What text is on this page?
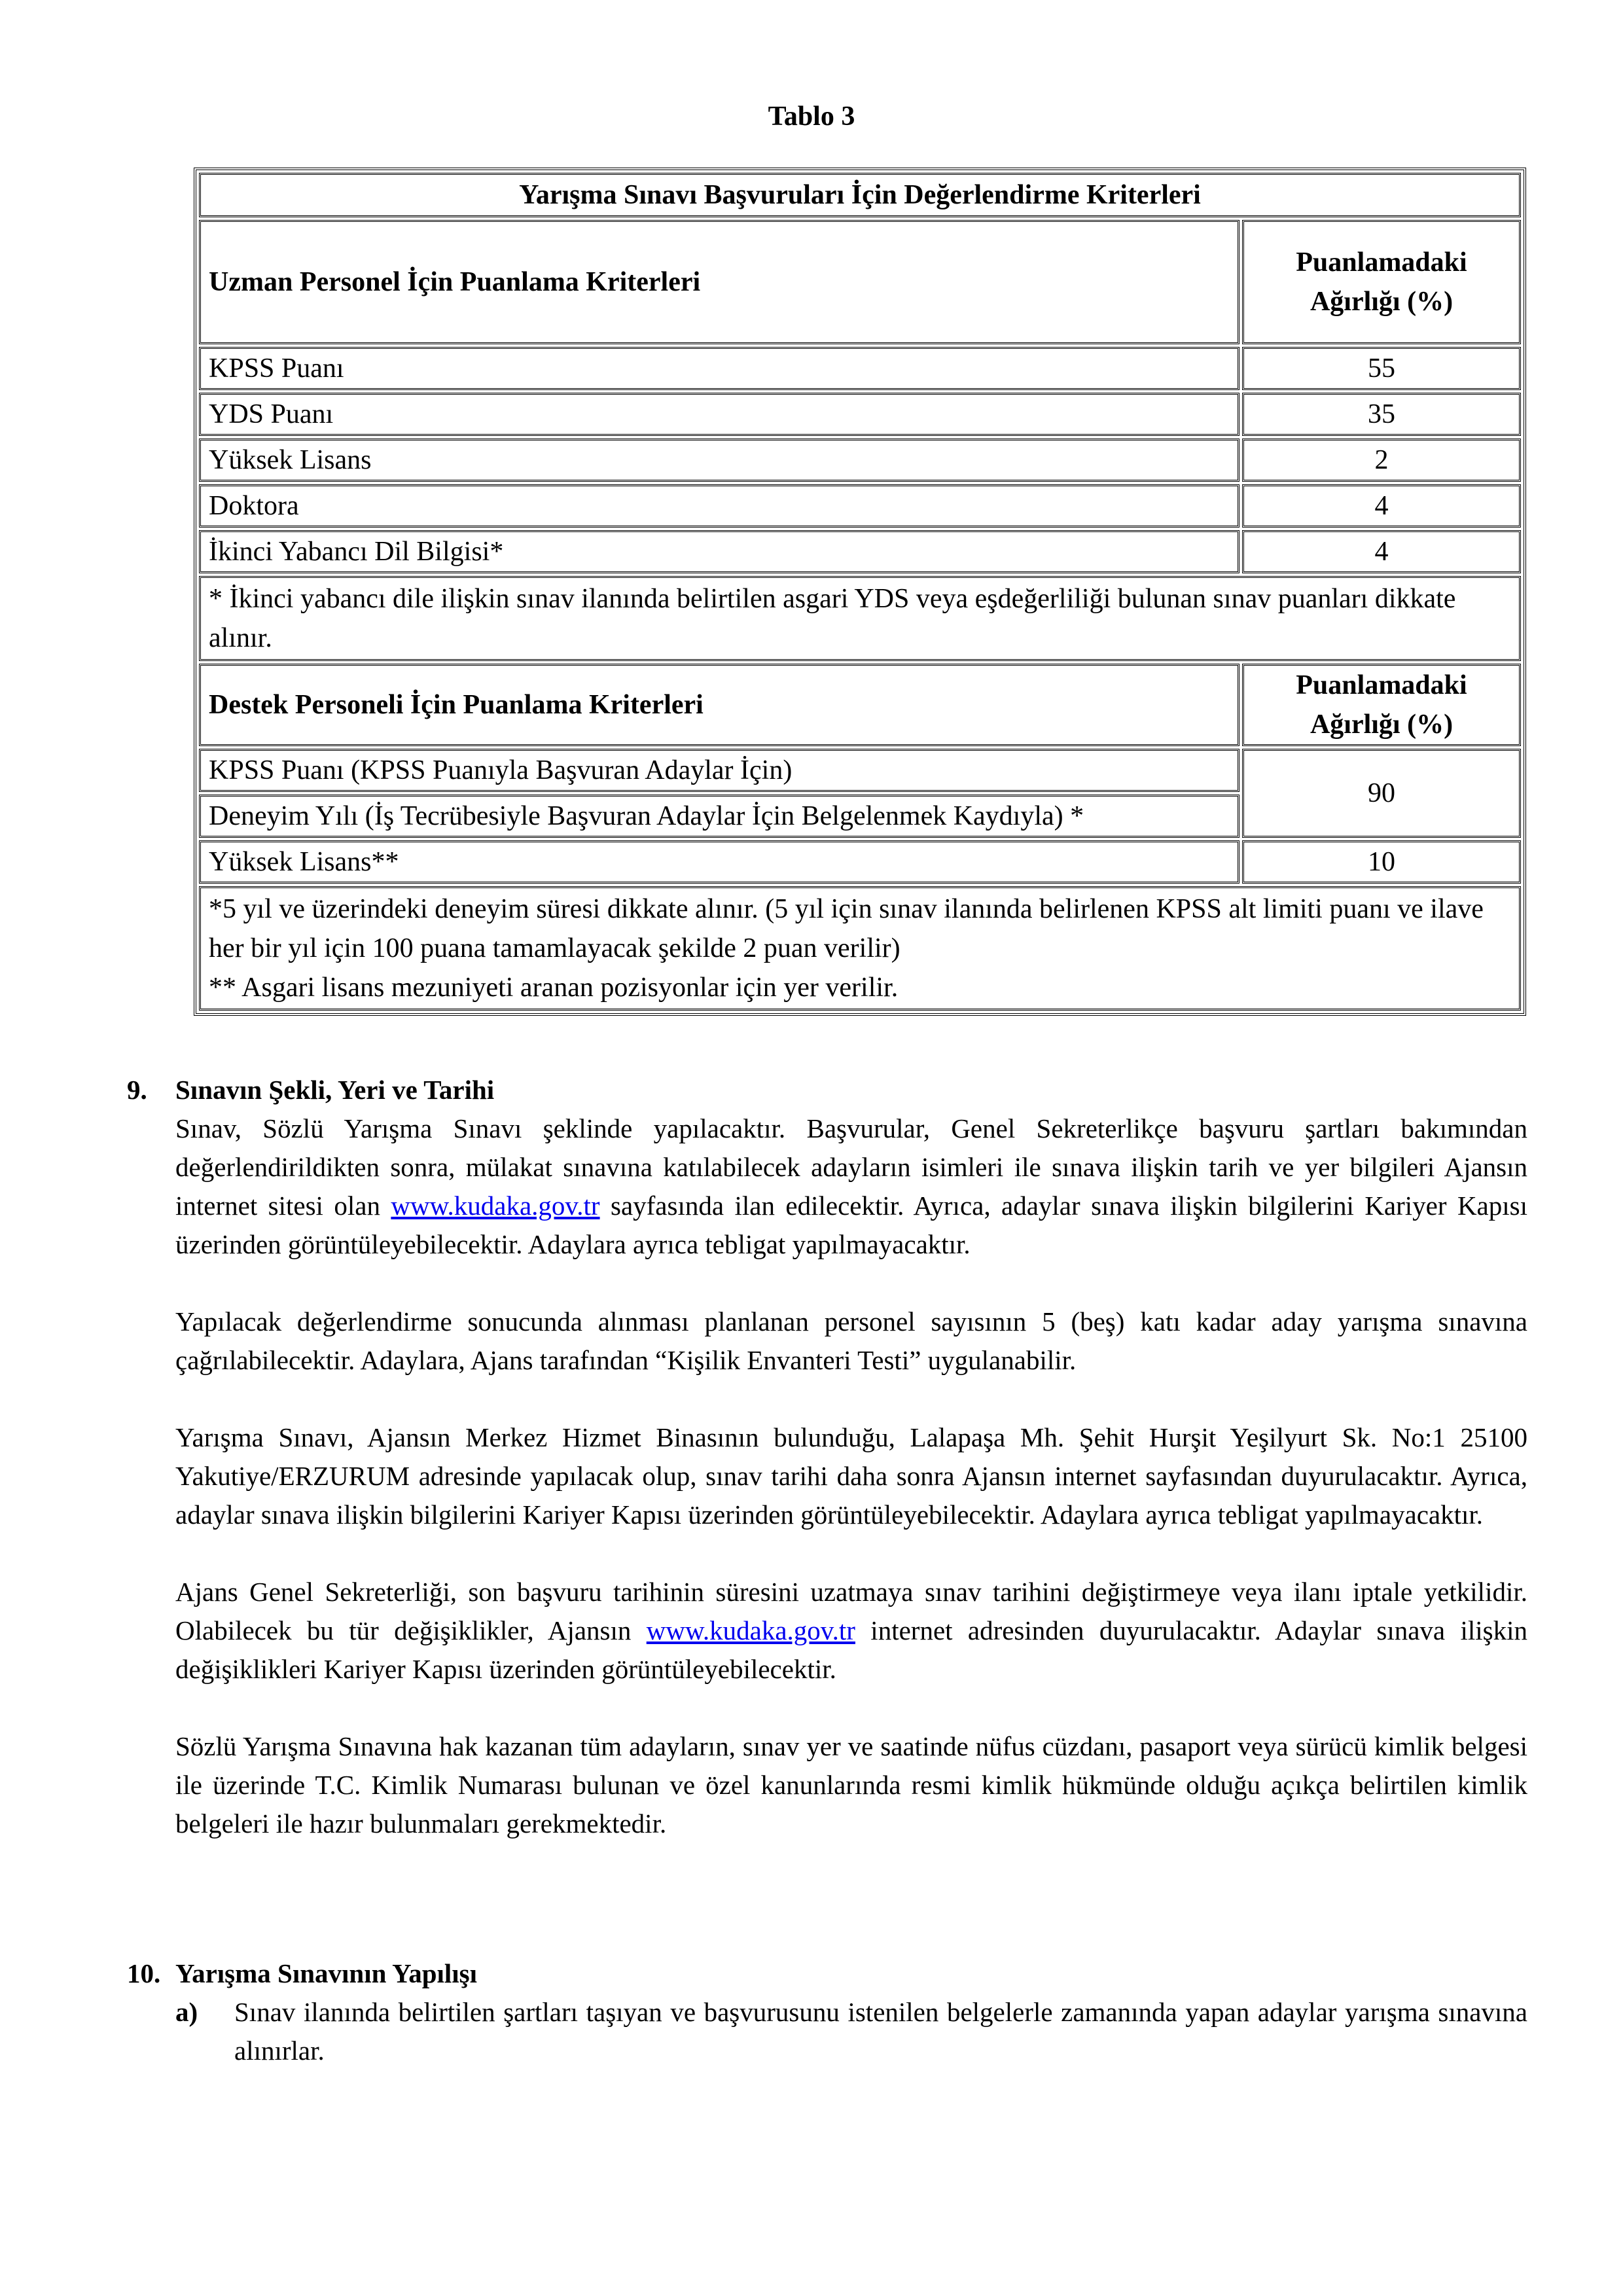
Tablo 3
Yarışma Sınavı Başvuruları İçin Değerlendirme Kriterleri	
Uzman Personel İçin Puanlama Kriterleri	Puanlamadaki
Ağırlığı (%)
KPSS Puanı	55
YDS Puanı	35
Yüksek Lisans	2
Doktora	4
İkinci Yabancı Dil Bilgisi*	4
* İkinci yabancı dile ilişkin sınav ilanında belirtilen asgari YDS veya eşdeğerliliği bulunan sınav puanları dikkate alınır.	
Destek Personeli İçin Puanlama Kriterleri	Puanlamadaki
Ağırlığı (%)
KPSS Puanı (KPSS Puanıyla Başvuran Adaylar İçin)	90
Deneyim Yılı (İş Tecrübesiyle Başvuran Adaylar İçin Belgelenmek Kaydıyla) *	
Yüksek Lisans**	10

*5 yıl ve üzerindeki deneyim süresi dikkate alınır. (5 yıl için sınav ilanında belirlenen KPSS alt limiti puanı ve ilave her bir yıl için 100 puana tamamlayacak şekilde 2 puan verilir)
** Asgari lisans mezuniyeti aranan pozisyonlar için yer verilir.	
9.	Sınavın Şekli, Yeri ve Tarihi
Sınav, Sözlü Yarışma Sınavı şeklinde yapılacaktır. Başvurular, Genel Sekreterlikçe başvuru şartları bakımından değerlendirildikten sonra, mülakat sınavına katılabilecek adayların isimleri ile sınava ilişkin tarih ve yer bilgileri Ajansın internet sitesi olan www.kudaka.gov.tr sayfasında ilan edilecektir. Ayrıca, adaylar sınava ilişkin bilgilerini Kariyer Kapısı üzerinden görüntüleyebilecektir. Adaylara ayrıca tebligat yapılmayacaktır.
Yapılacak değerlendirme sonucunda alınması planlanan personel sayısının 5 (beş) katı kadar aday yarışma sınavına çağrılabilecektir. Adaylara, Ajans tarafından “Kişilik Envanteri Testi” uygulanabilir.
Yarışma Sınavı, Ajansın Merkez Hizmet Binasının bulunduğu, Lalapaşa Mh. Şehit Hurşit Yeşilyurt Sk. No:1 25100 Yakutiye/ERZURUM adresinde yapılacak olup, sınav tarihi daha sonra Ajansın internet sayfasından duyurulacaktır. Ayrıca, adaylar sınava ilişkin bilgilerini Kariyer Kapısı üzerinden görüntüleyebilecektir. Adaylara ayrıca tebligat yapılmayacaktır.
Ajans Genel Sekreterliği, son başvuru tarihinin süresini uzatmaya sınav tarihini değiştirmeye veya ilanı iptale yetkilidir. Olabilecek bu tür değişiklikler, Ajansın www.kudaka.gov.tr internet adresinden duyurulacaktır. Adaylar sınava ilişkin değişiklikleri Kariyer Kapısı üzerinden görüntüleyebilecektir.
Sözlü Yarışma Sınavına hak kazanan tüm adayların, sınav yer ve saatinde nüfus cüzdanı, pasaport veya sürücü kimlik belgesi ile üzerinde T.C. Kimlik Numarası bulunan ve özel kanunlarında resmi kimlik hükmünde olduğu açıkça belirtilen kimlik belgeleri ile hazır bulunmaları gerekmektedir.
10. Yarışma Sınavının Yapılışı
a)	Sınav ilanında belirtilen şartları taşıyan ve başvurusunu istenilen belgelerle zamanında yapan adaylar yarışma sınavına alınırlar.
